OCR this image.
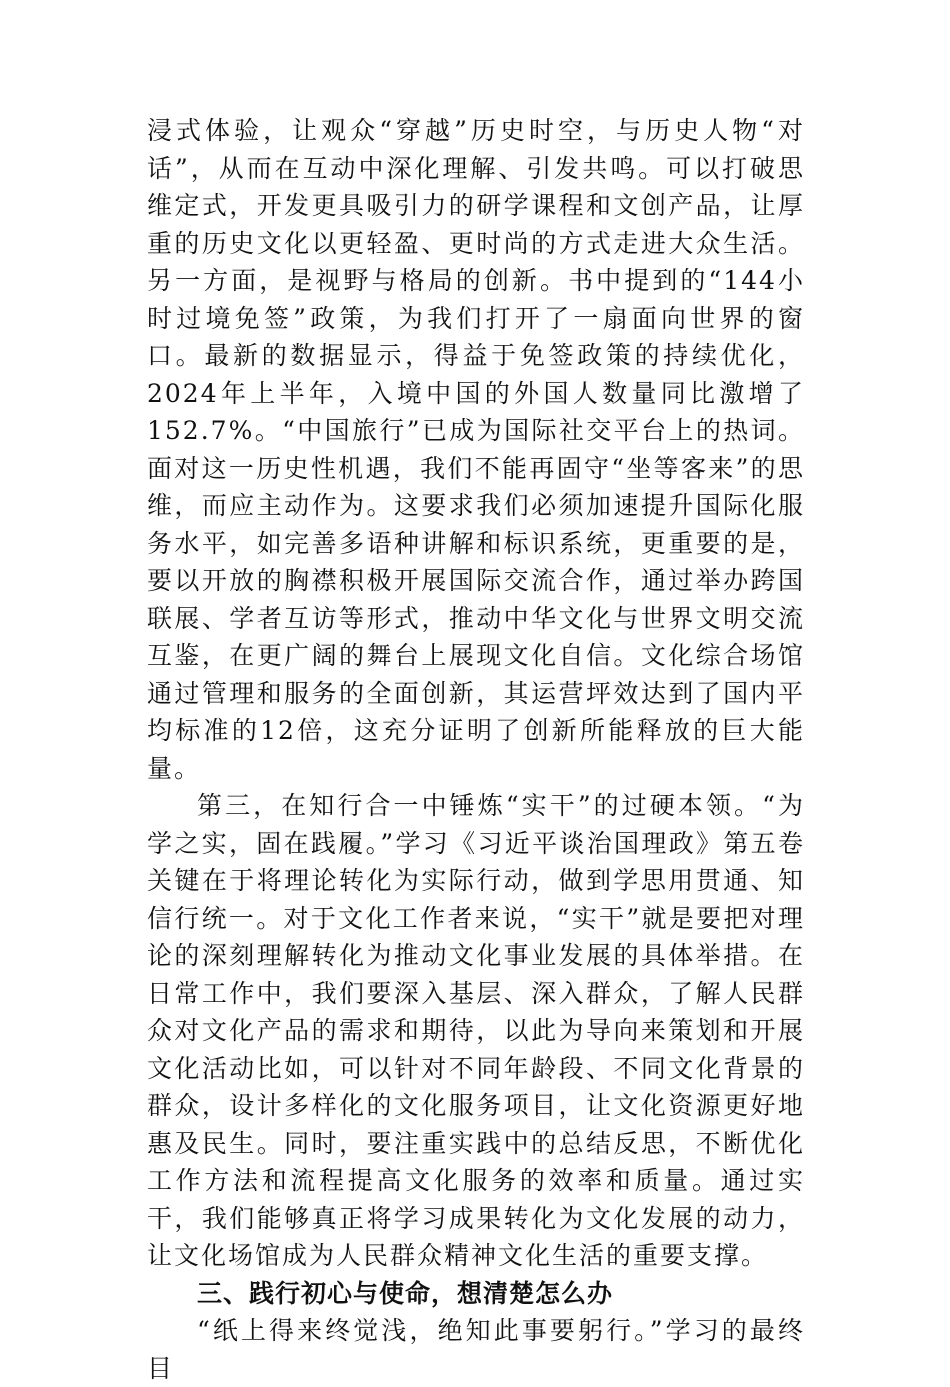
浸式体验，让观众“穿越”历史时空，与历史人物“对话”，从而在互动中深化理解、引发共鸣。可以打破思维定式，开发更具吸引力的研学课程和文创产品，让厚重的历史文化以更轻盈、更时尚的方式走进大众生活。另一方面，是视野与格局的创新。书中提到的“144小时过境免签”政策，为我们打开了一扇面向世界的窗口。最新的数据显示，得益于免签政策的持续优化，2024年上半年，入境中国的外国人数量同比激增了152.7%。“中国旅行”已成为国际社交平台上的热词。面对这一历史性机遇，我们不能再固守“坐等客来”的思维，而应主动作为。这要求我们必须加速提升国际化服务水平，如完善多语种讲解和标识系统，更重要的是，要以开放的胸襟积极开展国际交流合作，通过举办跨国联展、学者互访等形式，推动中华文化与世界文明交流互鉴，在更广阔的舞台上展现文化自信。文化综合场馆通过管理和服务的全面创新，其运营坪效达到了国内平均标准的12倍，这充分证明了创新所能释放的巨大能量。

第三，在知行合一中锤炼“实干”的过硬本领。“为学之实，固在践履。”学习《习近平谈治国理政》第五卷关键在于将理论转化为实际行动，做到学思用贯通、知信行统一。对于文化工作者来说，“实干”就是要把对理论的深刻理解转化为推动文化事业发展的具体举措。在日常工作中，我们要深入基层、深入群众，了解人民群众对文化产品的需求和期待，以此为导向来策划和开展文化活动比如，可以针对不同年龄段、不同文化背景的群众，设计多样化的文化服务项目，让文化资源更好地惠及民生。同时，要注重实践中的总结反思，不断优化工作方法和流程提高文化服务的效率和质量。通过实干，我们能够真正将学习成果转化为文化发展的动力，让文化场馆成为人民群众精神文化生活的重要支撑。

三、践行初心与使命，想清楚怎么办

“纸上得来终觉浅，绝知此事要躬行。”学习的最终目
